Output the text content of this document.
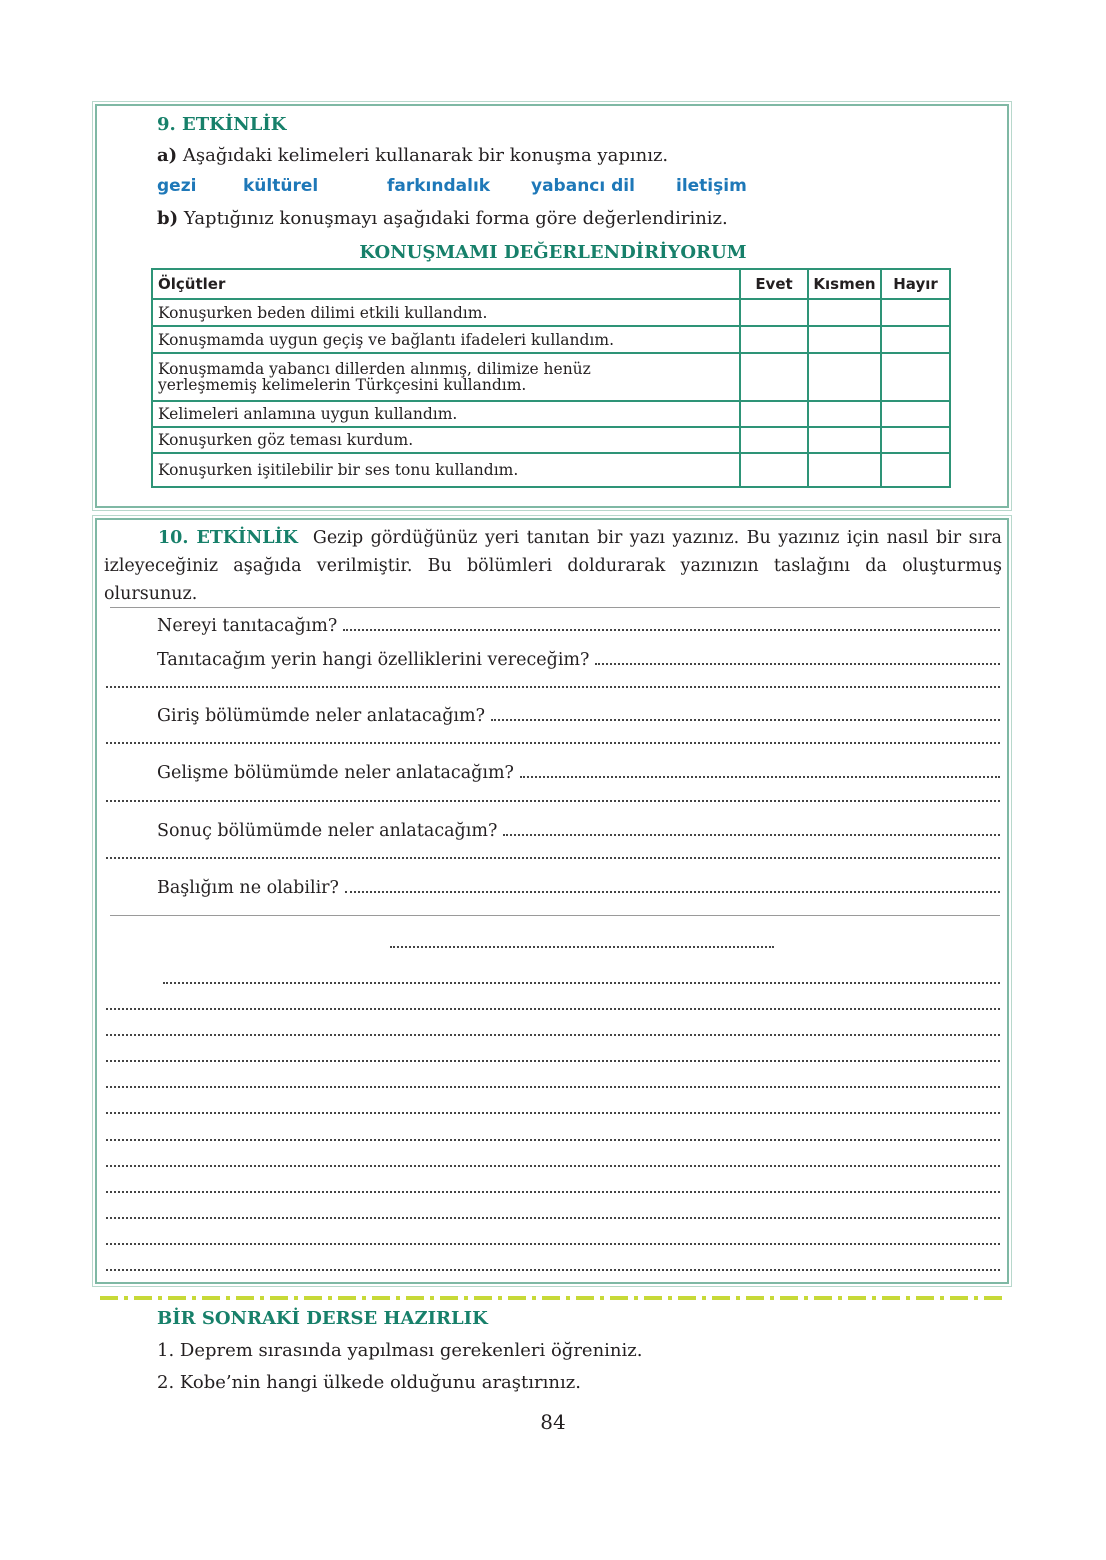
9. ETKİNLİK
a) Aşağıdaki kelimeleri kullanarak bir konuşma yapınız.
gezi	kültürel	farkındalık yabancı dil iletişim
b) Yaptığınız konuşmayı aşağıdaki forma göre değerlendiriniz.
KONUŞMAMI DEĞERLENDİRİYORUM
Ölçütler	Evet	Kısmen	Hayır
Konuşurken beden dilimi etkili kullandım.			
Konuşmamda uygun geçiş ve bağlantı ifadeleri kullandım.			
Konuşmamda yabancı dillerden alınmış, dilimize henüz yerleşmemiş kelimelerin Türkçesini kullandım.			
Kelimeleri anlamına uygun kullandım.			
Konuşurken göz teması kurdum.			
Konuşurken işitilebilir bir ses tonu kullandım.			
10. ETKİNLİK Gezip gördüğünüz yeri tanıtan bir yazı yazınız. Bu yazınız için nasıl bir sıra izleyeceğiniz aşağıda verilmiştir. Bu bölümleri doldurarak yazınızın taslağını da oluşturmuş olursunuz.
Nereyi tanıtacağım?
Tanıtacağım yerin hangi özelliklerini vereceğim?
Giriş bölümümde neler anlatacağım?
Gelişme bölümümde neler anlatacağım?
Sonuç bölümümde neler anlatacağım?
Başlığım ne olabilir?
BİR SONRAKİ DERSE HAZIRLIK
1. Deprem sırasında yapılması gerekenleri öğreniniz.
2. Kobe’nin hangi ülkede olduğunu araştırınız.
84
